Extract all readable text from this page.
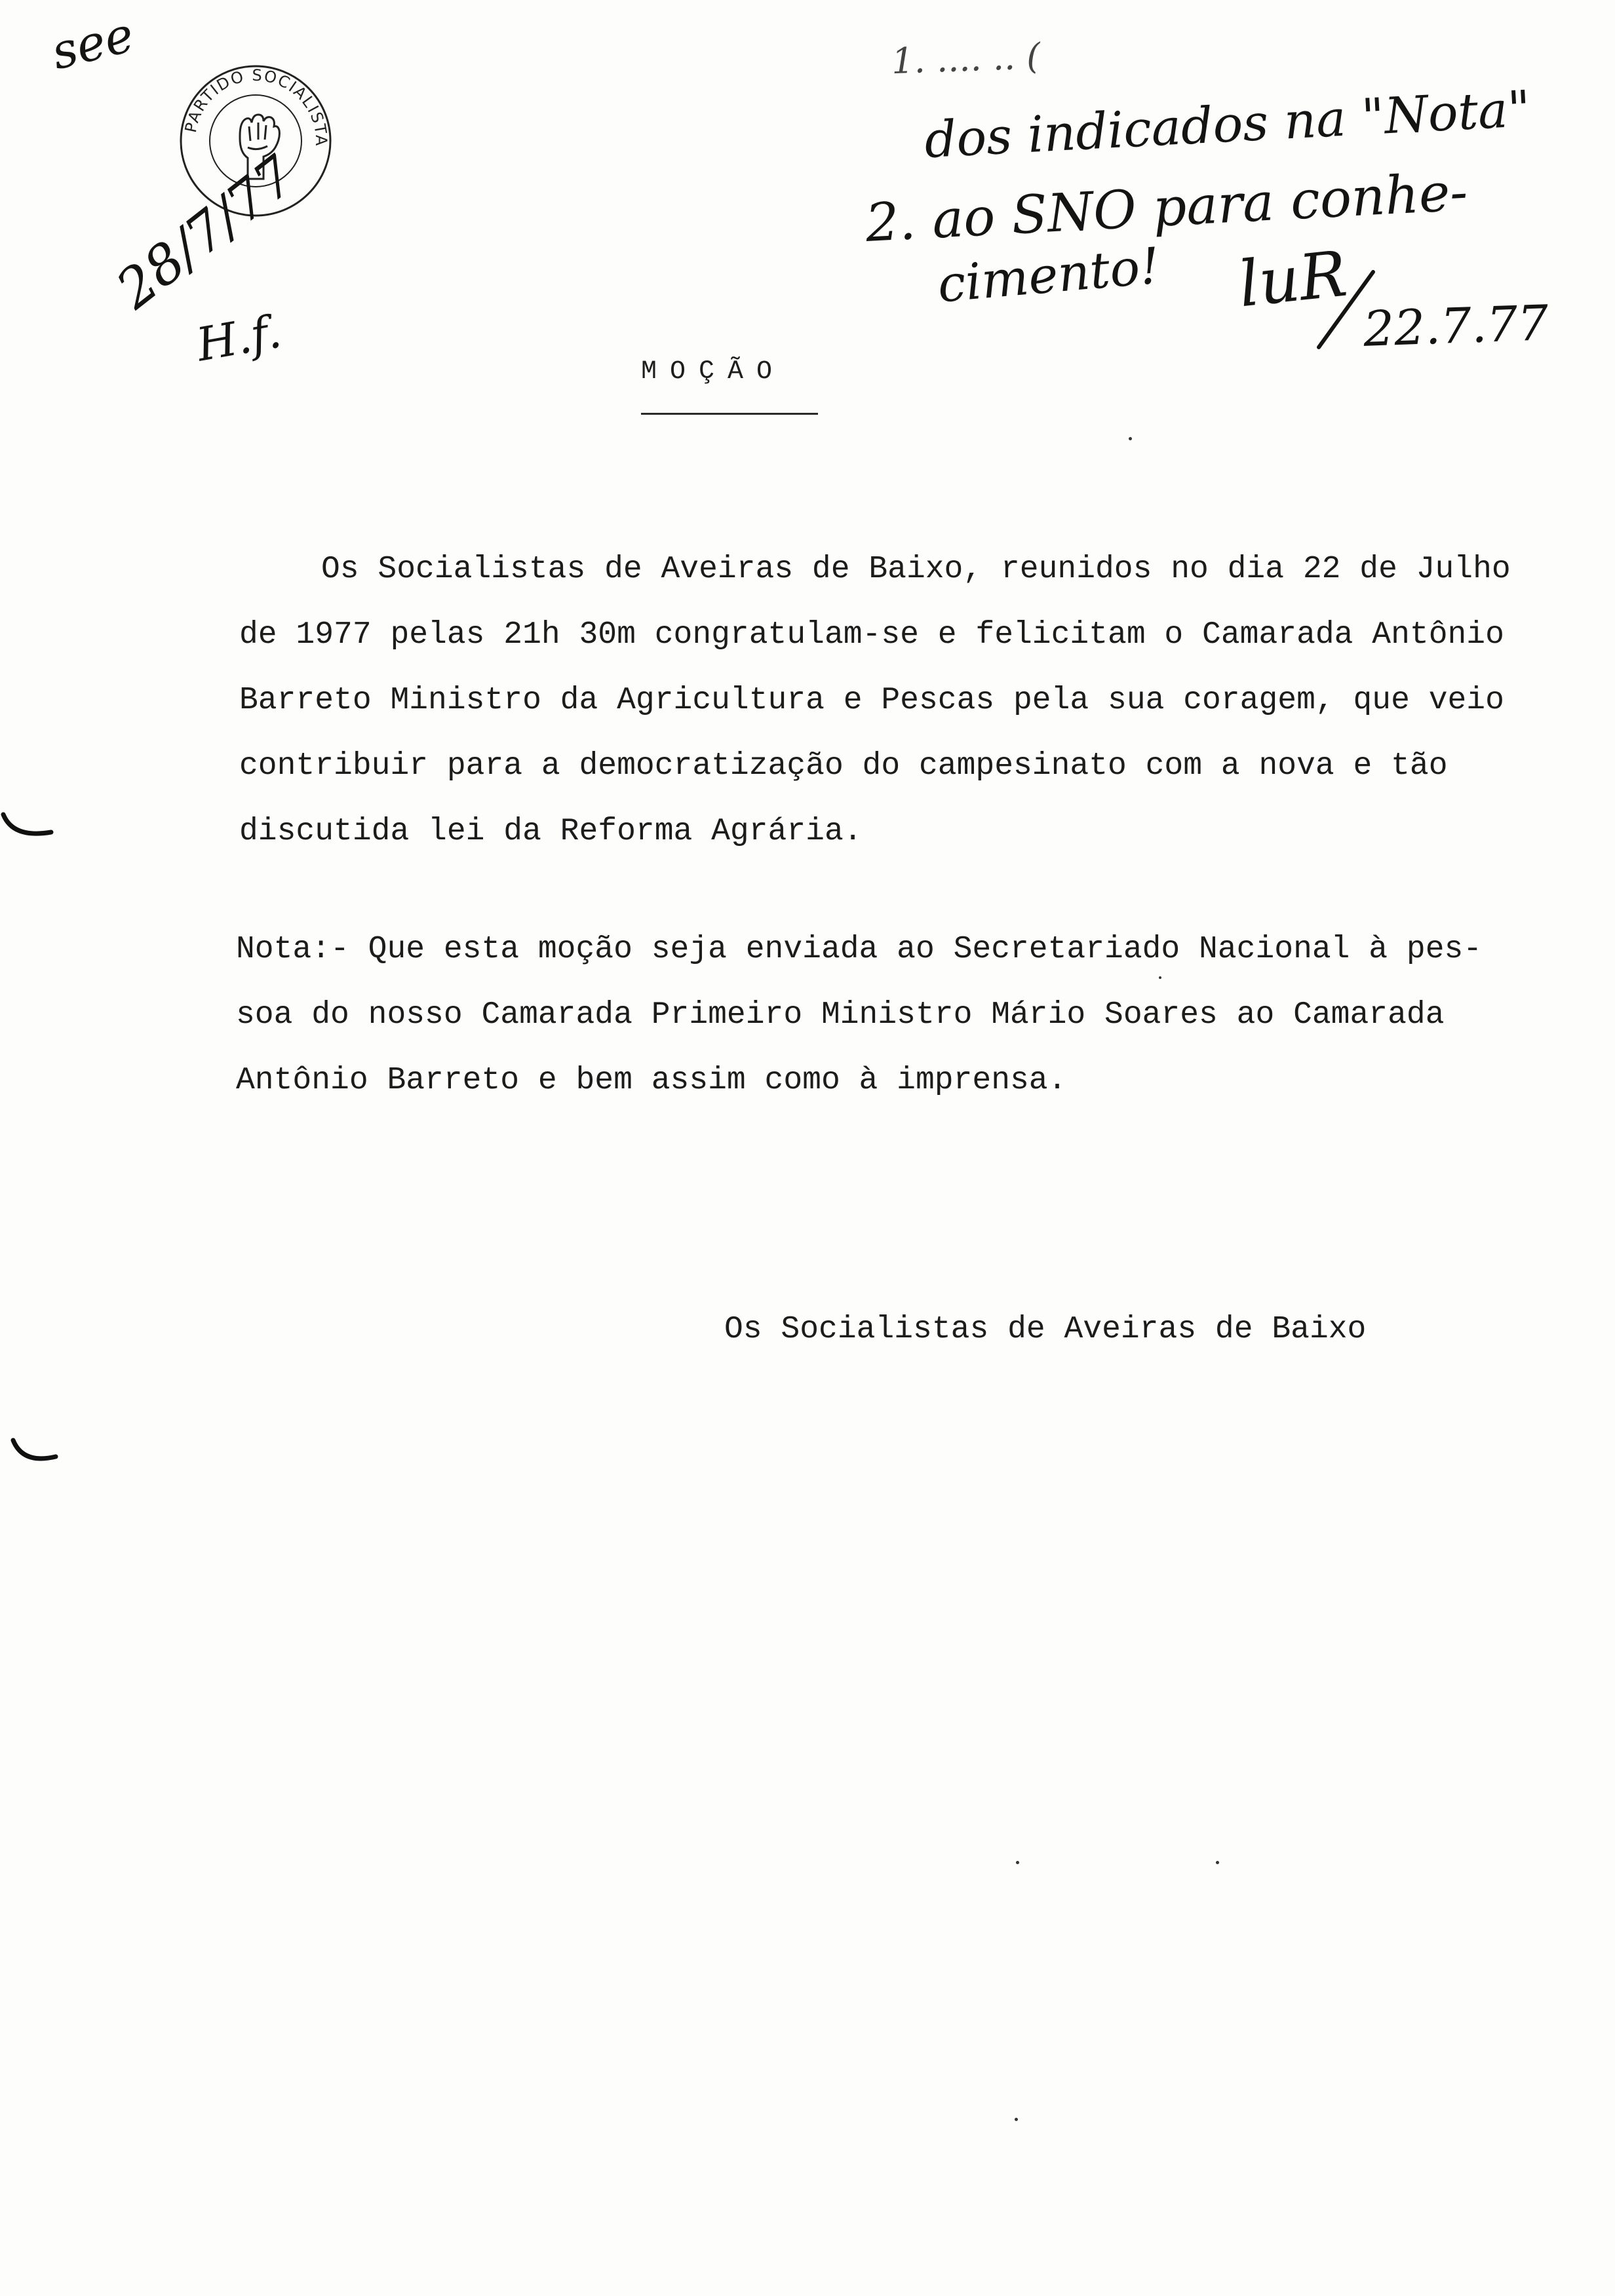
PARTIDO SOCIALISTA
see
28/7/77
H.f.
1. .... .. (
dos indicados na "Nota"
2. ao SNO para conhe-
cimento! luR
22.7.77
MOÇÃO
Os Socialistas de Aveiras de Baixo, reunidos no dia 22 de Julho
de 1977 pelas 21h 30m congratulam-se e felicitam o Camarada Antônio
Barreto Ministro da Agricultura e Pescas pela sua coragem, que veio
contribuir para a democratização do campesinato com a nova e tão
discutida lei da Reforma Agrária.
Nota:- Que esta moção seja enviada ao Secretariado Nacional à pes-
soa do nosso Camarada Primeiro Ministro Mário Soares ao Camarada
Antônio Barreto e bem assim como à imprensa.
Os Socialistas de Aveiras de Baixo
